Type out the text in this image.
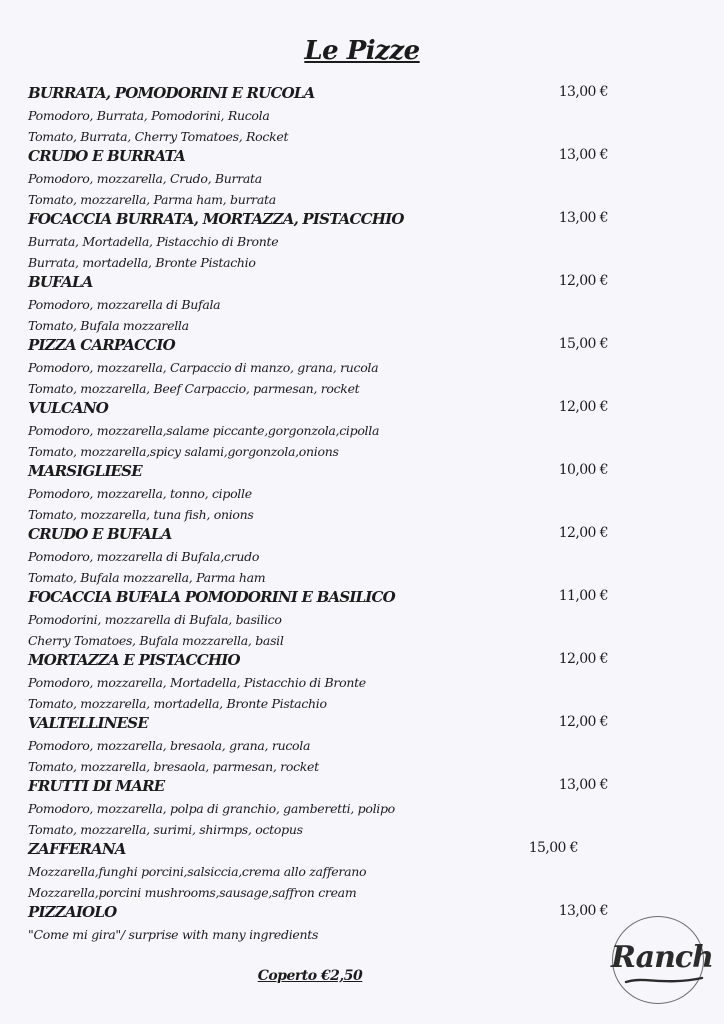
Le Pizze
BURRATA, POMODORINI E RUCOLA	13,00 €
Pomodoro, Burrata, Pomodorini, Rucola
Tomato, Burrata, Cherry Tomatoes, Rocket
CRUDO E BURRATA	13,00 €
Pomodoro, mozzarella, Crudo, Burrata
Tomato, mozzarella, Parma ham, burrata
FOCACCIA BURRATA, MORTAZZA, PISTACCHIO	13,00 €
Burrata, Mortadella, Pistacchio di Bronte
Burrata, mortadella, Bronte Pistachio
BUFALA	12,00 €
Pomodoro, mozzarella di Bufala
Tomato, Bufala mozzarella
PIZZA CARPACCIO	15,00 €
Pomodoro, mozzarella, Carpaccio di manzo, grana, rucola
Tomato, mozzarella, Beef Carpaccio, parmesan, rocket
VULCANO	12,00 €
Pomodoro, mozzarella,salame piccante,gorgonzola,cipolla
Tomato, mozzarella,spicy salami,gorgonzola,onions
MARSIGLIESE	10,00 €
Pomodoro, mozzarella, tonno, cipolle
Tomato, mozzarella, tuna fish, onions
CRUDO E BUFALA	12,00 €
Pomodoro, mozzarella di Bufala,crudo
Tomato, Bufala mozzarella, Parma ham
FOCACCIA BUFALA POMODORINI E BASILICO	11,00 €
Pomodorini, mozzarella di Bufala, basilico
Cherry Tomatoes, Bufala mozzarella, basil
MORTAZZA E PISTACCHIO	12,00 €
Pomodoro, mozzarella, Mortadella, Pistacchio di Bronte
Tomato, mozzarella, mortadella, Bronte Pistachio
VALTELLINESE	12,00 €
Pomodoro, mozzarella, bresaola, grana, rucola
Tomato, mozzarella, bresaola, parmesan, rocket
FRUTTI DI MARE	13,00 €
Pomodoro, mozzarella, polpa di granchio, gamberetti, polipo
Tomato, mozzarella, surimi, shirmps, octopus
ZAFFERANA	15,00 €
Mozzarella,funghi porcini,salsiccia,crema allo zafferano
Mozzarella,porcini mushrooms,sausage,saffron cream
PIZZAIOLO	13,00 €
"Come mi gira"/ surprise with many ingredients
Coperto €2,50
Ranch
